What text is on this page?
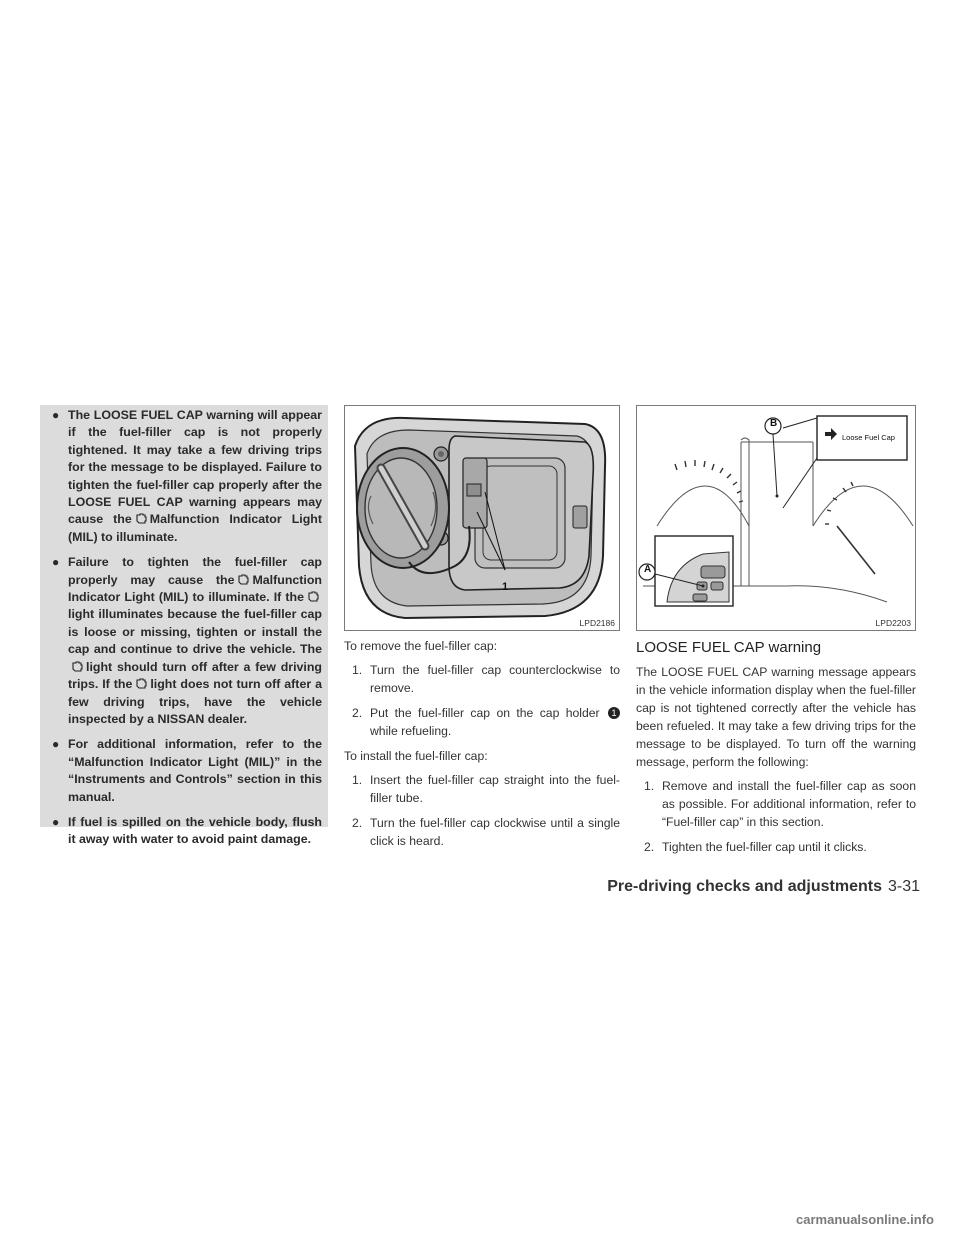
● The LOOSE FUEL CAP warning will appear if the fuel-filler cap is not properly tightened. It may take a few driving trips for the message to be displayed. Failure to tighten the fuel-filler cap properly after the LOOSE FUEL CAP warning appears may cause the Malfunction Indicator Light (MIL) to illuminate.
● Failure to tighten the fuel-filler cap properly may cause the Malfunction Indicator Light (MIL) to illuminate. If the
light illuminates because the fuel-filler cap is loose or missing, tighten or install the cap and continue to drive the vehicle. The
light should turn off after a few driving trips. If the light does not turn off after a few driving trips, have the vehicle inspected by a NISSAN dealer.
● For additional information, refer to the “Malfunction Indicator Light (MIL)” in the “Instruments and Controls” section in this manual.
● If fuel is spilled on the vehicle body, flush it away with water to avoid paint damage.
1
LPD2186

To remove the fuel-filler cap:

1. Turn the fuel-filler cap counterclockwise to remove.
2. Put the fuel-filler cap on the cap holder 1 while refueling.

To install the fuel-filler cap:

1. Insert the fuel-filler cap straight into the fuel-filler tube.
2. Turn the fuel-filler cap clockwise until a single click is heard.
A
B
Loose Fuel Cap
LPD2203
LOOSE FUEL CAP warning

The LOOSE FUEL CAP warning message appears in the vehicle information display when the fuel-filler cap is not tightened correctly after the vehicle has been refueled. It may take a few driving trips for the message to be displayed. To turn off the warning message, perform the following:

1. Remove and install the fuel-filler cap as soon as possible. For additional information, refer to “Fuel-filler cap” in this section.
2. Tighten the fuel-filler cap until it clicks.
Pre-driving checks and adjustments 3-31
carmanualsonline.info
